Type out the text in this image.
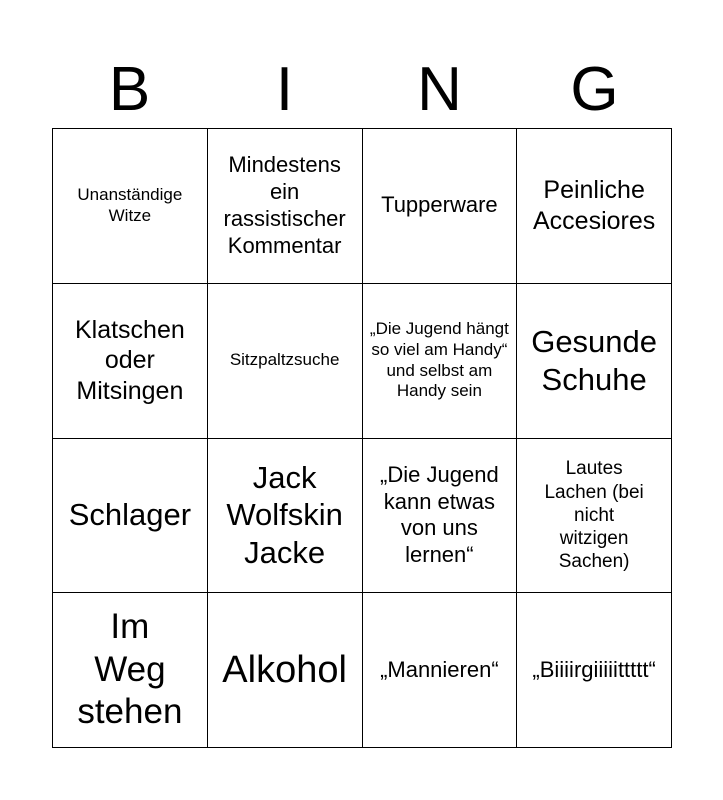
B	I	N	G
Unanständige Witze
Mindestens ein rassistischer Kommentar
Tupperware
Peinliche Accesiores
Klatschen oder Mitsingen
Sitzpaltzsuche
„Die Jugend hängt so viel am Handy“ und selbst am Handy sein
Gesunde Schuhe
Schlager
Jack Wolfskin Jacke
„Die Jugend kann etwas von uns lernen“
Lautes Lachen (bei nicht witzigen Sachen)
Im Weg stehen
Alkohol „Mannieren“ „Biiiirgiiiiittttt“
